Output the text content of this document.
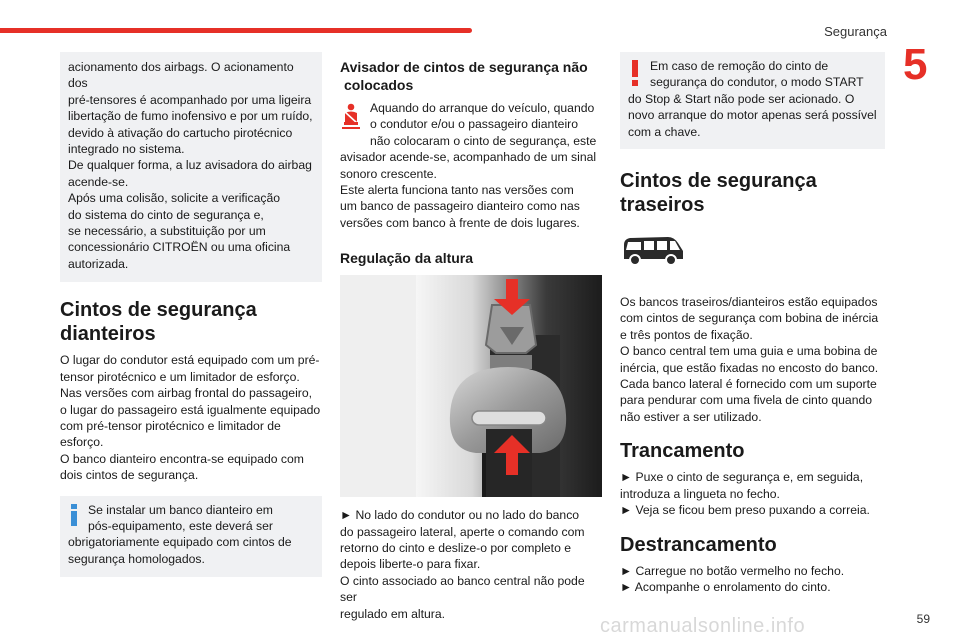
Segurança
5

acionamento dos airbags. O acionamento dos

pré-tensores é acompanhado por uma ligeira

libertação de fumo inofensivo e por um ruído,

devido à ativação do cartucho pirotécnico

integrado no sistema.

De qualquer forma, a luz avisadora do airbag

acende-se.

Após uma colisão, solicite a verificação

do sistema do cinto de segurança e,

se necessário, a substituição por um

concessionário CITROËN ou uma oficina

autorizada.

Cintos de segurança
dianteiros

O lugar do condutor está equipado com um pré-

tensor pirotécnico e um limitador de esforço.

Nas versões com airbag frontal do passageiro,

o lugar do passageiro está igualmente equipado

com pré-tensor pirotécnico e limitador de

esforço.

O banco dianteiro encontra-se equipado com

dois cintos de segurança.

Se instalar um banco dianteiro em

pós-equipamento, este deverá ser

obrigatoriamente equipado com cintos de

segurança homologados.

Avisador de cintos de segurança não
colocados

Aquando do arranque do veículo, quando

o condutor e/ou o passageiro dianteiro

não colocaram o cinto de segurança, este

avisador acende-se, acompanhado de um sinal

sonoro crescente.

Este alerta funciona tanto nas versões com

um banco de passageiro dianteiro como nas

versões com banco à frente de dois lugares.

Regulação da altura

► No lado do condutor ou no lado do banco

do passageiro lateral, aperte o comando com

retorno do cinto e deslize-o por completo e

depois liberte-o para fixar.

O cinto associado ao banco central não pode ser

regulado em altura.

Em caso de remoção do cinto de

segurança do condutor, o modo START

do Stop & Start não pode ser acionado. O

novo arranque do motor apenas será possível

com a chave.

Cintos de segurança
traseiros

Os bancos traseiros/dianteiros estão equipados

com cintos de segurança com bobina de inércia

e três pontos de fixação.

O banco central tem uma guia e uma bobina de

inércia, que estão fixadas no encosto do banco.

Cada banco lateral é fornecido com um suporte

para pendurar com uma fivela de cinto quando

não estiver a ser utilizado.

Trancamento

► Puxe o cinto de segurança e, em seguida,

introduza a lingueta no fecho.

► Veja se ficou bem preso puxando a correia.

Destrancamento

► Carregue no botão vermelho no fecho.

► Acompanhe o enrolamento do cinto.

carmanualsonline.info	59
